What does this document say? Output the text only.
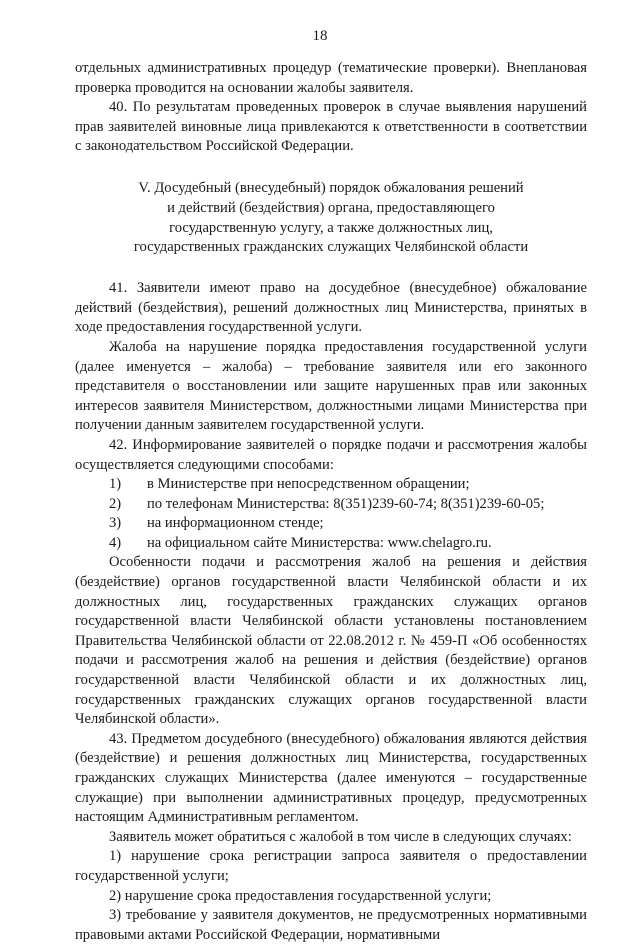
18

отдельных административных процедур (тематические проверки). Внеплановая проверка проводится на основании жалобы заявителя.

40. По результатам проведенных проверок в случае выявления нарушений прав заявителей виновные лица привлекаются к ответственности в соответствии с законодательством Российской Федерации.

V. Досудебный (внесудебный) порядок обжалования решений
и действий (бездействия) органа, предоставляющего
государственную услугу, а также должностных лиц,
государственных гражданских служащих Челябинской области

41. Заявители имеют право на досудебное (внесудебное) обжалование действий (бездействия), решений должностных лиц Министерства, принятых в ходе предоставления государственной услуги.

Жалоба на нарушение порядка предоставления государственной услуги (далее именуется – жалоба) – требование заявителя или его законного представителя о восстановлении или защите нарушенных прав или законных интересов заявителя Министерством, должностными лицами Министерства при получении данным заявителем государственной услуги.

42. Информирование заявителей о порядке подачи и рассмотрения жалобы осуществляется следующими способами:

1) в Министерстве при непосредственном обращении;

2) по телефонам Министерства: 8(351)239-60-74; 8(351)239-60-05;

3) на информационном стенде;

4) на официальном сайте Министерства: www.chelagro.ru.

Особенности подачи и рассмотрения жалоб на решения и действия (бездействие) органов государственной власти Челябинской области и их должностных лиц, государственных гражданских служащих органов государственной власти Челябинской области установлены постановлением Правительства Челябинской области от 22.08.2012 г. № 459-П «Об особенностях подачи и рассмотрения жалоб на решения и действия (бездействие) органов государственной власти Челябинской области и их должностных лиц, государственных гражданских служащих органов государственной власти Челябинской области».

43. Предметом досудебного (внесудебного) обжалования являются действия (бездействие) и решения должностных лиц Министерства, государственных гражданских служащих Министерства (далее именуются – государственные служащие) при выполнении административных процедур, предусмотренных настоящим Административным регламентом.

Заявитель может обратиться с жалобой в том числе в следующих случаях:

1) нарушение срока регистрации запроса заявителя о предоставлении государственной услуги;

2) нарушение срока предоставления государственной услуги;

3) требование у заявителя документов, не предусмотренных нормативными правовыми актами Российской Федерации, нормативными
